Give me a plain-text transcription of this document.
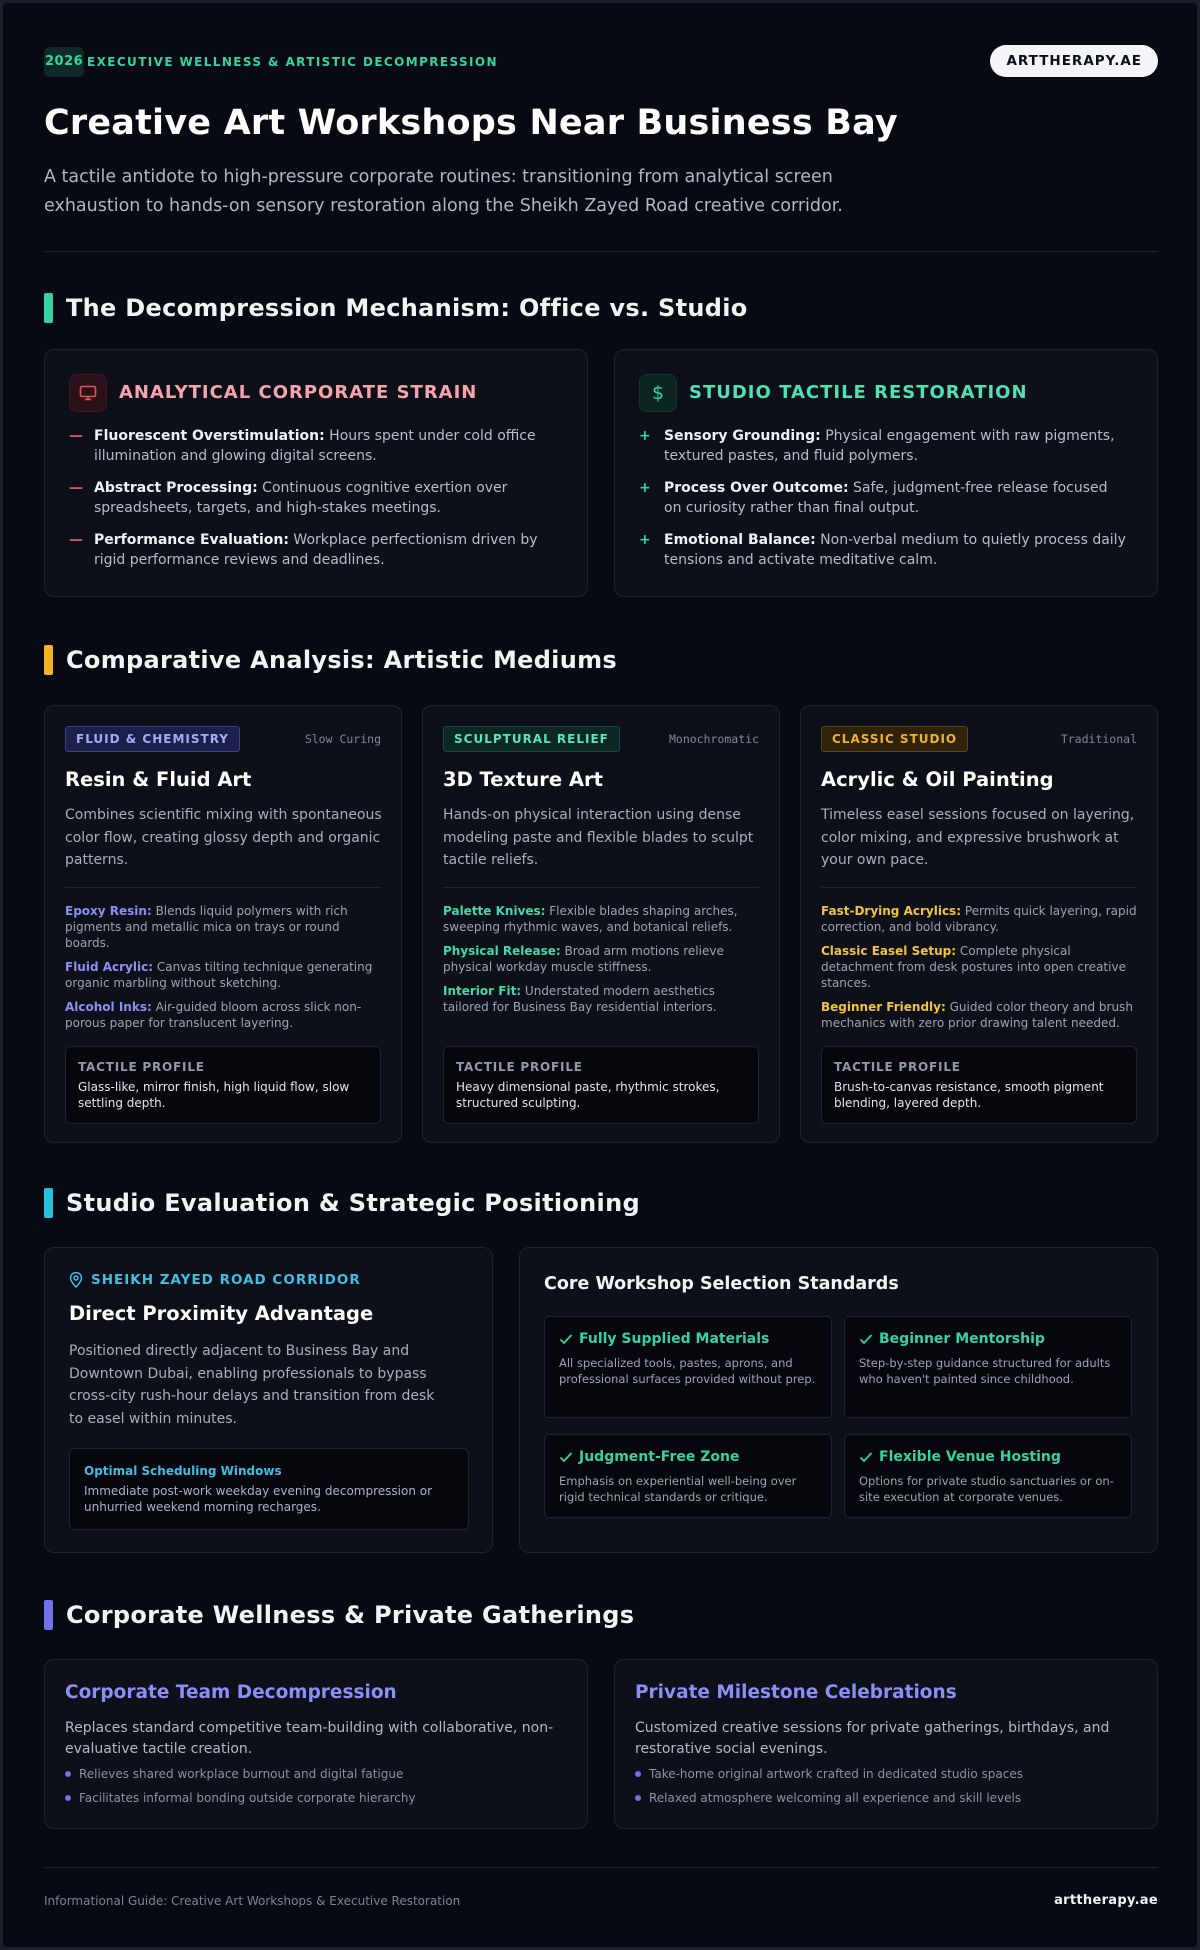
2026 EXECUTIVE WELLNESS & ARTISTIC DECOMPRESSION	ARTTHERAPY.AE
Creative Art Workshops Near Business Bay

A tactile antidote to high-pressure corporate routines: transitioning from analytical screen exhaustion to hands-on sensory restoration along the Sheikh Zayed Road creative corridor.

The Decompression Mechanism: Office vs. Studio
ANALYTICAL CORPORATE STRAIN
— Fluorescent Overstimulation: Hours spent under cold office illumination and glowing digital screens.
— Abstract Processing: Continuous cognitive exertion over spreadsheets, targets, and high-stakes meetings.
— Performance Evaluation: Workplace perfectionism driven by rigid performance reviews and deadlines.
$	STUDIO TACTILE RESTORATION
+ Sensory Grounding: Physical engagement with raw pigments, textured pastes, and fluid polymers.
+ Process Over Outcome: Safe, judgment-free release focused on curiosity rather than final output.
+ Emotional Balance: Non-verbal medium to quietly process daily tensions and activate meditative calm.
Comparative Analysis: Artistic Mediums
FLUID & CHEMISTRY	Slow Curing
Resin & Fluid Art

Combines scientific mixing with spontaneous color flow, creating glossy depth and organic patterns.

Epoxy Resin: Blends liquid polymers with rich pigments and metallic mica on trays or round boards.

Fluid Acrylic: Canvas tilting technique generating organic marbling without sketching.

Alcohol Inks: Air-guided bloom across slick non-porous paper for translucent layering.

TACTILE PROFILE

Glass-like, mirror finish, high liquid flow, slow settling depth.

SCULPTURAL RELIEF	Monochromatic
3D Texture Art

Hands-on physical interaction using dense modeling paste and flexible blades to sculpt tactile reliefs.

Palette Knives: Flexible blades shaping arches, sweeping rhythmic waves, and botanical reliefs.

Physical Release: Broad arm motions relieve physical workday muscle stiffness.

Interior Fit: Understated modern aesthetics tailored for Business Bay residential interiors.

TACTILE PROFILE

Heavy dimensional paste, rhythmic strokes, structured sculpting.

CLASSIC STUDIO	Traditional
Acrylic & Oil Painting

Timeless easel sessions focused on layering, color mixing, and expressive brushwork at your own pace.

Fast-Drying Acrylics: Permits quick layering, rapid correction, and bold vibrancy.

Classic Easel Setup: Complete physical detachment from desk postures into open creative stances.

Beginner Friendly: Guided color theory and brush mechanics with zero prior drawing talent needed.

TACTILE PROFILE

Brush-to-canvas resistance, smooth pigment blending, layered depth.

Studio Evaluation & Strategic Positioning
SHEIKH ZAYED ROAD CORRIDOR
Direct Proximity Advantage

Positioned directly adjacent to Business Bay and Downtown Dubai, enabling professionals to bypass cross-city rush-hour delays and transition from desk to easel within minutes.

Optimal Scheduling Windows

Immediate post-work weekday evening decompression or unhurried weekend morning recharges.

Core Workshop Selection Standards
Fully Supplied Materials

All specialized tools, pastes, aprons, and professional surfaces provided without prep.

Beginner Mentorship

Step-by-step guidance structured for adults who haven't painted since childhood.

Judgment-Free Zone

Emphasis on experiential well-being over rigid technical standards or critique.

Flexible Venue Hosting

Options for private studio sanctuaries or on-site execution at corporate venues.

Corporate Wellness & Private Gatherings
Corporate Team Decompression

Replaces standard competitive team-building with collaborative, non-evaluative tactile creation.

Relieves shared workplace burnout and digital fatigue
Facilitates informal bonding outside corporate hierarchy
Private Milestone Celebrations

Customized creative sessions for private gatherings, birthdays, and restorative social evenings.

Take-home original artwork crafted in dedicated studio spaces
Relaxed atmosphere welcoming all experience and skill levels
Informational Guide: Creative Art Workshops & Executive Restoration	arttherapy.ae
